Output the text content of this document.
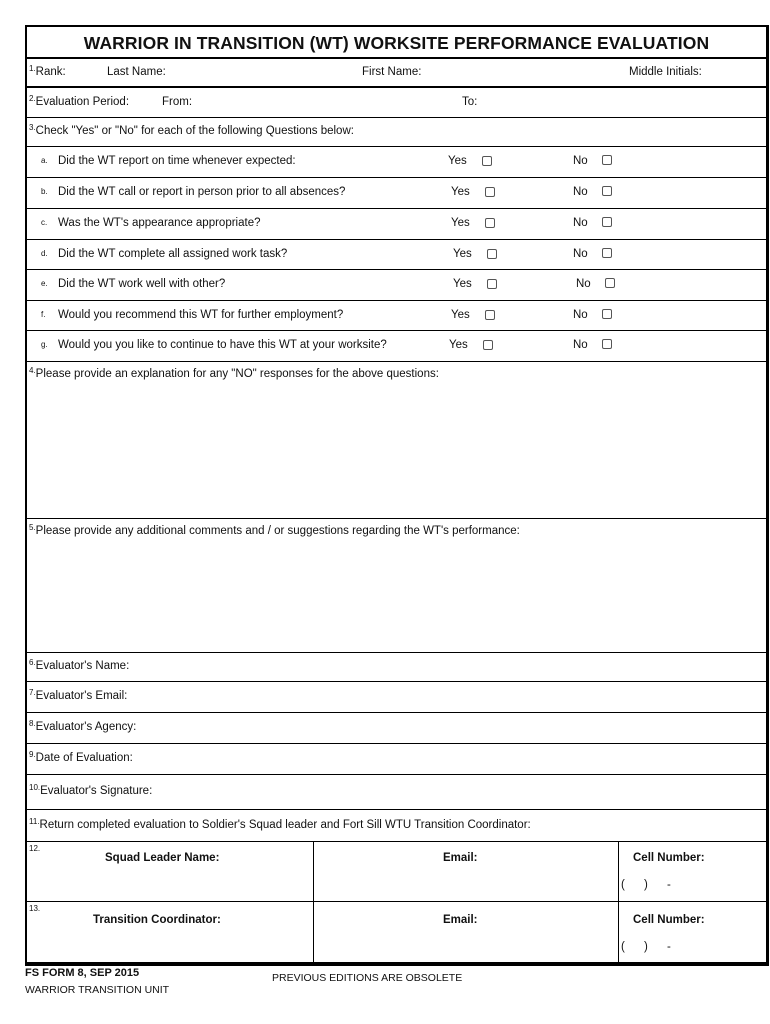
WARRIOR IN TRANSITION (WT) WORKSITE PERFORMANCE EVALUATION
$^{1.}$Rank:	Last Name:	First Name:	Middle Initials:
$^{2.}$Evaluation Period:	From:	To:
$^{3.}$Check "Yes" or "No" for each of the following Questions below:
a. Did the WT report on time whenever expected:	Yes	No
b. Did the WT call or report in person prior to all absences?	Yes	No
c. Was the WT's appearance appropriate?	Yes	No
d. Did the WT complete all assigned work task?	Yes	No
e. Did the WT work well with other?	Yes	No
f. Would you recommend this WT for further employment?	Yes	No
g. Would you you like to continue to have this WT at your worksite?	Yes	No
$^{4.}$Please provide an explanation for any "NO" responses for the above questions:
$^{5.}$Please provide any additional comments and / or suggestions regarding the WT's performance:
$^{6.}$Evaluator's Name:
$^{7.}$Evaluator's Email:
$^{8.}$Evaluator's Agency:
$^{9.}$Date of Evaluation:
$^{10.}$Evaluator's Signature:
$^{11.}$Return completed evaluation to Soldier's Squad leader and Fort Sill WTU Transition Coordinator:
12.
Squad Leader Name:	Email:	Cell Number:
(      )      -
13.
Transition Coordinator:	Email:	Cell Number:
(      )      -
FS FORM 8, SEP 2015
WARRIOR TRANSITION UNIT
PREVIOUS EDITIONS ARE OBSOLETE
